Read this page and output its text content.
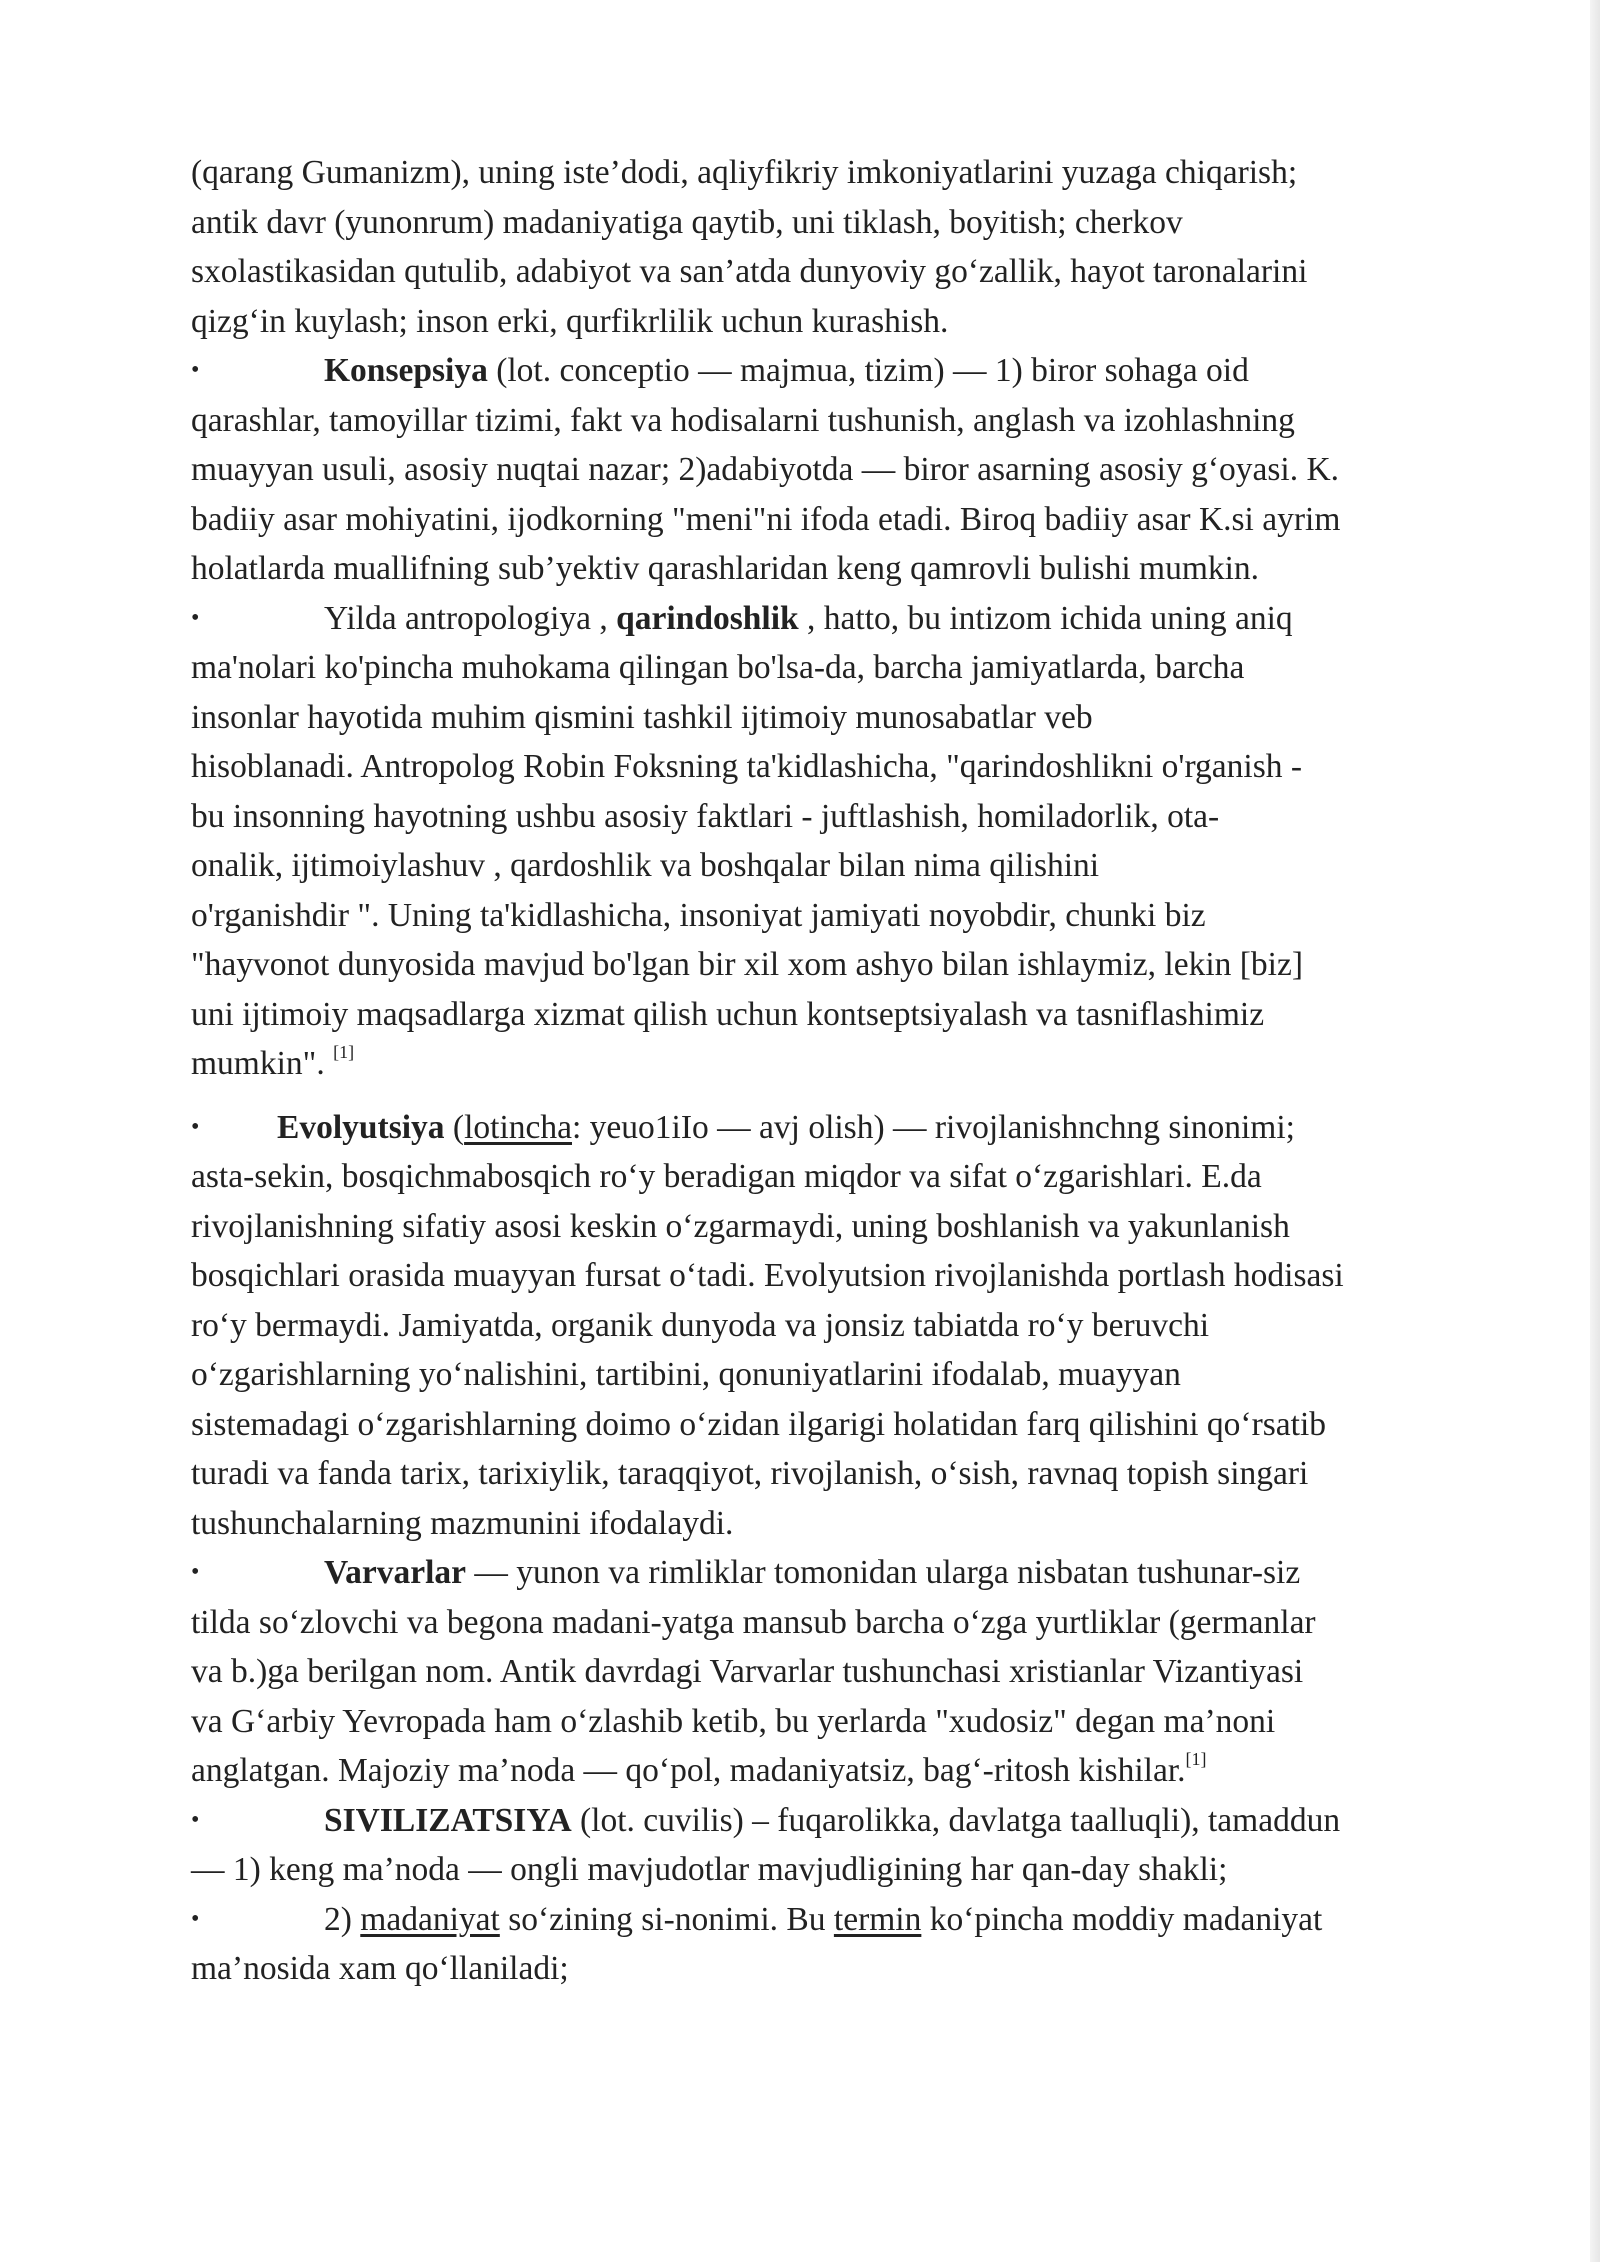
(qarang Gumanizm), uning iste’dodi, aqliyfikriy imkoniyatlarini yuzaga chiqarish;
antik davr (yunonrum) madaniyatiga qaytib, uni tiklash, boyitish; cherkov
sxolastikasidan qutulib, adabiyot va san’atda dunyoviy go‘zallik, hayot taronalarini
qizg‘in kuylash; inson erki, qurfikrlilik uchun kurashish.

•	Konsepsiya (lot. conceptio — majmua, tizim) — 1) biror sohaga oid
qarashlar, tamoyillar tizimi, fakt va hodisalarni tushunish, anglash va izohlashning
muayyan usuli, asosiy nuqtai nazar; 2)adabiyotda — biror asarning asosiy g‘oyasi. K.
badiiy asar mohiyatini, ijodkorning "meni"ni ifoda etadi. Biroq badiiy asar K.si ayrim
holatlarda muallifning sub’yektiv qarashlaridan keng qamrovli bulishi mumkin.

•	Yilda antropologiya , qarindoshlik , hatto, bu intizom ichida uning aniq
ma'nolari ko'pincha muhokama qilingan bo'lsa-da, barcha jamiyatlarda, barcha
insonlar hayotida muhim qismini tashkil ijtimoiy munosabatlar veb
hisoblanadi. Antropolog Robin Foksning ta'kidlashicha, "qarindoshlikni o'rganish -
bu insonning hayotning ushbu asosiy faktlari - juftlashish, homiladorlik, ota-
onalik, ijtimoiylashuv , qardoshlik va boshqalar bilan nima qilishini
o'rganishdir ". Uning ta'kidlashicha, insoniyat jamiyati noyobdir, chunki biz
"hayvonot dunyosida mavjud bo'lgan bir xil xom ashyo bilan ishlaymiz, lekin [biz]
uni ijtimoiy maqsadlarga xizmat qilish uchun kontseptsiyalash va tasniflashimiz
mumkin". [1]

• Evolyutsiya (lotincha: yeuo1iIo — avj olish) — rivojlanishnchng sinonimi;
asta-sekin, bosqichmabosqich ro‘y beradigan miqdor va sifat o‘zgarishlari. E.da
rivojlanishning sifatiy asosi keskin o‘zgarmaydi, uning boshlanish va yakunlanish
bosqichlari orasida muayyan fursat o‘tadi. Evolyutsion rivojlanishda portlash hodisasi
ro‘y bermaydi. Jamiyatda, organik dunyoda va jonsiz tabiatda ro‘y beruvchi
o‘zgarishlarning yo‘nalishini, tartibini, qonuniyatlarini ifodalab, muayyan
sistemadagi o‘zgarishlarning doimo o‘zidan ilgarigi holatidan farq qilishini qo‘rsatib
turadi va fanda tarix, tarixiylik, taraqqiyot, rivojlanish, o‘sish, ravnaq topish singari
tushunchalarning mazmunini ifodalaydi.

•	Varvarlar — yunon va rimliklar tomonidan ularga nisbatan tushunar-siz
tilda so‘zlovchi va begona madani-yatga mansub barcha o‘zga yurtliklar (germanlar
va b.)ga berilgan nom. Antik davrdagi Varvarlar tushunchasi xristianlar Vizantiyasi
va G‘arbiy Yevropada ham o‘zlashib ketib, bu yerlarda "xudosiz" degan ma’noni
anglatgan. Majoziy ma’noda — qo‘pol, madaniyatsiz, bag‘-ritosh kishilar.[1]

•	SIVILIZATSIYA (lot. cuvilis) – fuqarolikka, davlatga taalluqli), tamaddun
— 1) keng ma’noda — ongli mavjudotlar mavjudligining har qan-day shakli;

•	2) madaniyat so‘zining si-nonimi. Bu termin ko‘pincha moddiy madaniyat
ma’nosida xam qo‘llaniladi;
